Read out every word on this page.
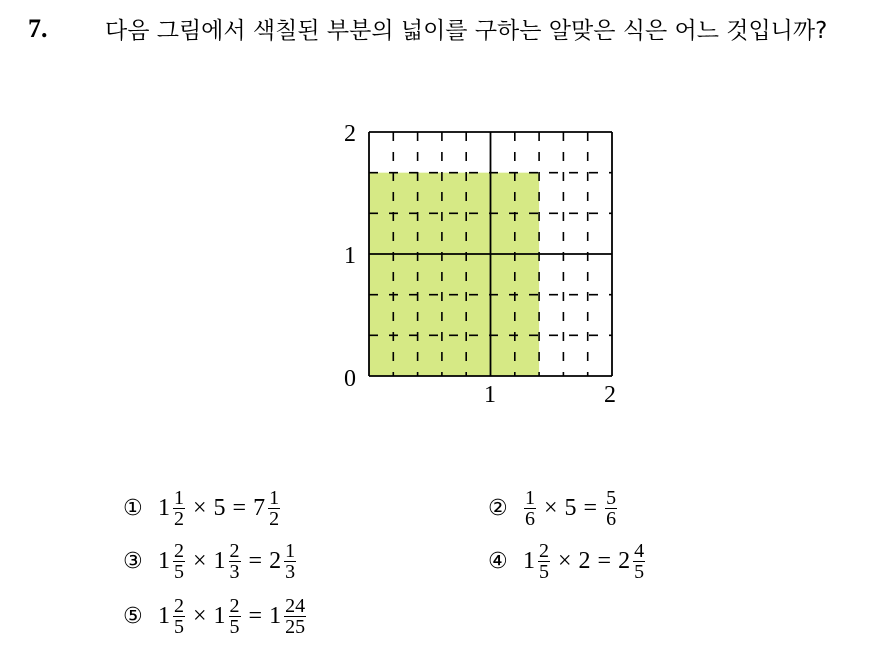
7.	다음 그림에서 색칠된 부분의 넓이를 구하는 알맞은 식은 어느 것입니까?
2
1
0
1	2
① $1 \frac{1}{2} \times 5 = 7 \frac{1}{2}$	② $\frac{1}{6} \times 5 = \frac{5}{6}$
③ $1 \frac{2}{5} \times 1 \frac{2}{3} = 2 \frac{1}{3}$	④ $1 \frac{2}{5} \times 2 = 2 \frac{4}{5}$
⑤ $1 \frac{2}{5} \times 1 \frac{2}{5} = 1 \frac{24}{25}$
